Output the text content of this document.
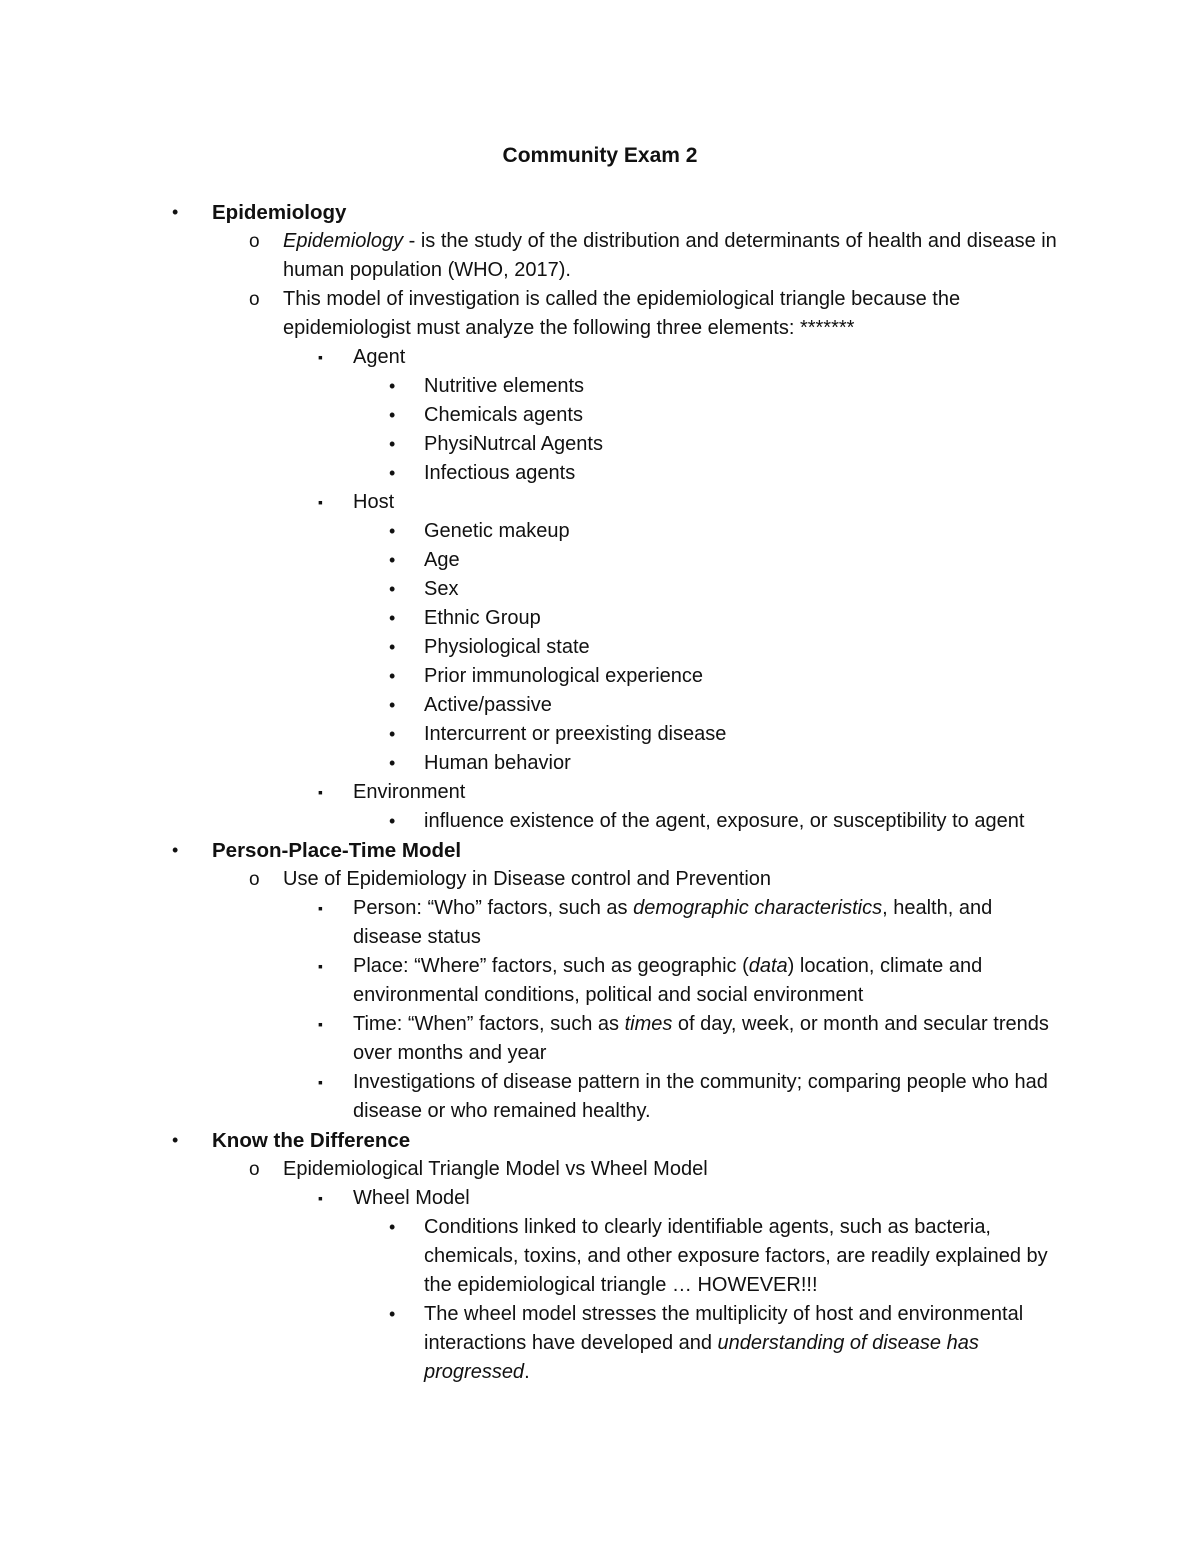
Community Exam 2
• Epidemiology
o Epidemiology - is the study of the distribution and determinants of health and disease in human population (WHO, 2017).
o This model of investigation is called the epidemiological triangle because the epidemiologist must analyze the following three elements: *******
▪ Agent
• Nutritive elements
• Chemicals agents
• PhysiNutrcal Agents
• Infectious agents
▪ Host
• Genetic makeup
• Age
• Sex
• Ethnic Group
• Physiological state
• Prior immunological experience
• Active/passive
• Intercurrent or preexisting disease
• Human behavior
▪ Environment
• influence existence of the agent, exposure, or susceptibility to agent
• Person-Place-Time Model
o Use of Epidemiology in Disease control and Prevention
▪ Person: “Who” factors, such as demographic characteristics, health, and disease status
▪ Place: “Where” factors, such as geographic (data) location, climate and environmental conditions, political and social environment
▪ Time: “When” factors, such as times of day, week, or month and secular trends over months and year
▪ Investigations of disease pattern in the community; comparing people who had disease or who remained healthy.
• Know the Difference
o Epidemiological Triangle Model vs Wheel Model
▪ Wheel Model
• Conditions linked to clearly identifiable agents, such as bacteria, chemicals, toxins, and other exposure factors, are readily explained by the epidemiological triangle … HOWEVER!!!
• The wheel model stresses the multiplicity of host and environmental interactions have developed and understanding of disease has progressed.
